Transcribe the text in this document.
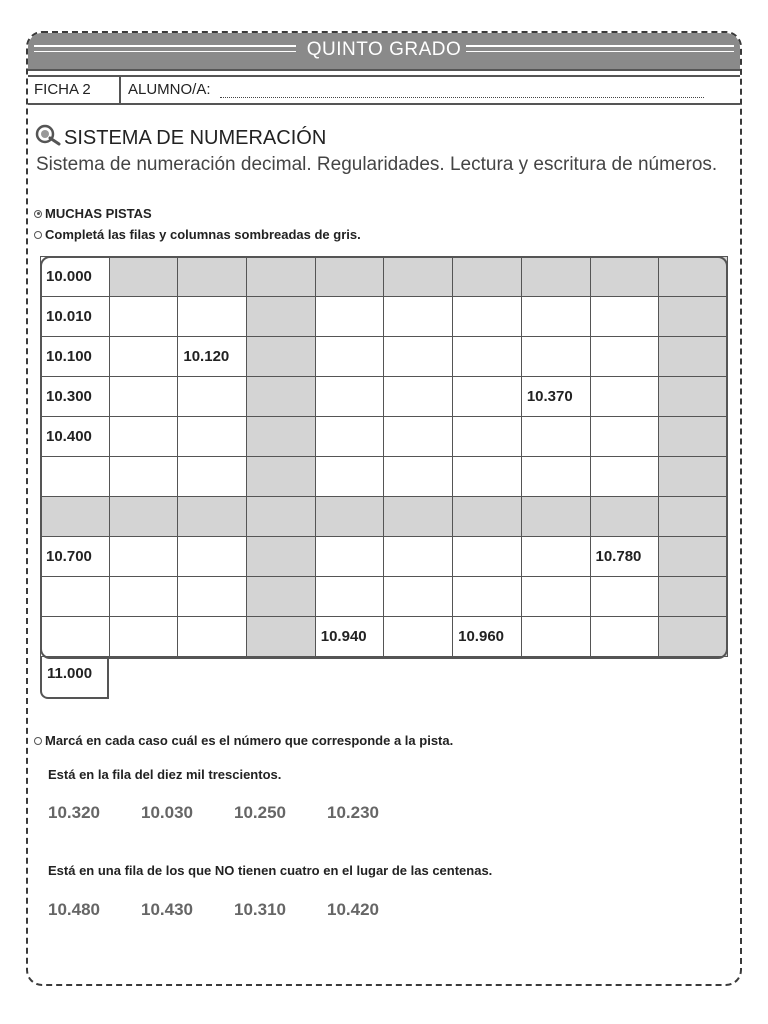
QUINTO GRADO
FICHA 2 ALUMNO/A:
SISTEMA DE NUMERACIÓN
Sistema de numeración decimal. Regularidades. Lectura y escritura de números.
MUCHAS PISTAS
Completá las filas y columnas sombreadas de gris.
10.000									

10.010									

10.100		10.120							

10.300							10.370		

10.400									

10.700								10.780	

				10.940		10.960			

11.000
Marcá en cada caso cuál es el número que corresponde a la pista.
Está en la fila del diez mil trescientos.
10.320	10.030	10.250	10.230
Está en una fila de los que NO tienen cuatro en el lugar de las centenas.
10.480	10.430	10.310	10.420
